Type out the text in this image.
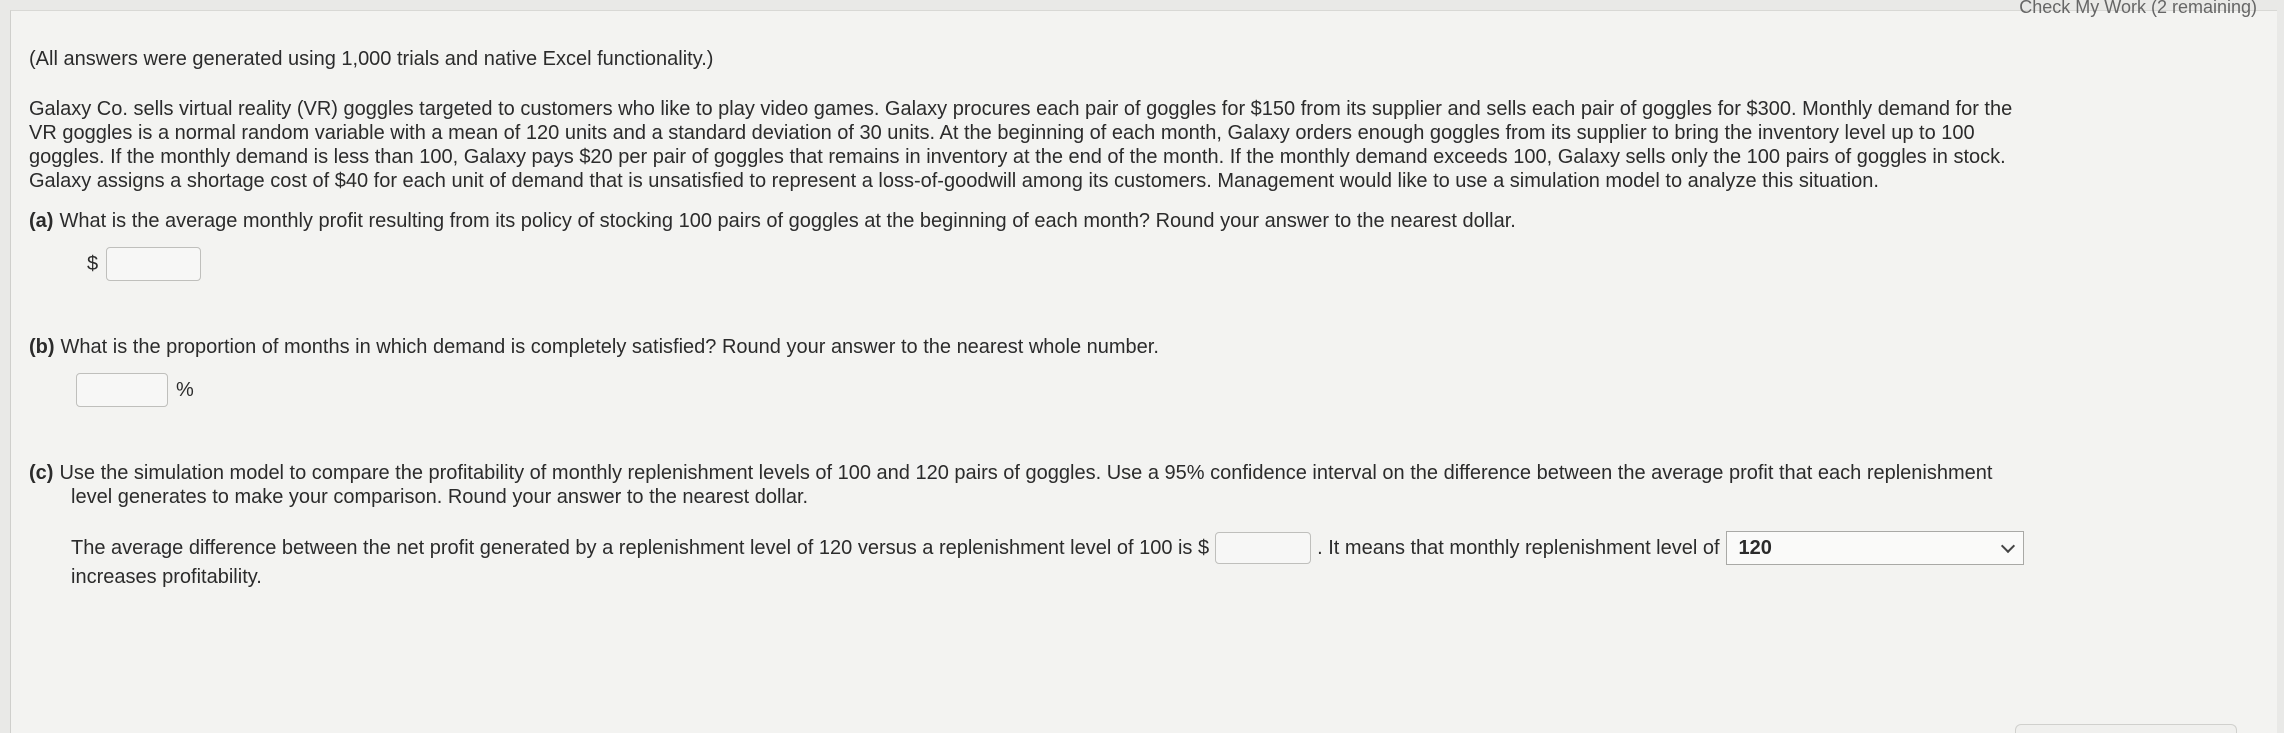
Check My Work (2 remaining)
(All answers were generated using 1,000 trials and native Excel functionality.)
Galaxy Co. sells virtual reality (VR) goggles targeted to customers who like to play video games. Galaxy procures each pair of goggles for $150 from its supplier and sells each pair of goggles for $300. Monthly demand for the
VR goggles is a normal random variable with a mean of 120 units and a standard deviation of 30 units. At the beginning of each month, Galaxy orders enough goggles from its supplier to bring the inventory level up to 100
goggles. If the monthly demand is less than 100, Galaxy pays $20 per pair of goggles that remains in inventory at the end of the month. If the monthly demand exceeds 100, Galaxy sells only the 100 pairs of goggles in stock.
Galaxy assigns a shortage cost of $40 for each unit of demand that is unsatisfied to represent a loss-of-goodwill among its customers. Management would like to use a simulation model to analyze this situation.
(a) What is the average monthly profit resulting from its policy of stocking 100 pairs of goggles at the beginning of each month? Round your answer to the nearest dollar.
$
(b) What is the proportion of months in which demand is completely satisfied? Round your answer to the nearest whole number.
%
(c) Use the simulation model to compare the profitability of monthly replenishment levels of 100 and 120 pairs of goggles. Use a 95% confidence interval on the difference between the average profit that each replenishment
level generates to make your comparison. Round your answer to the nearest dollar.
The average difference between the net profit generated by a replenishment level of 120 versus a replenishment level of 100 is $	. It means that monthly replenishment level of 120
increases profitability.
